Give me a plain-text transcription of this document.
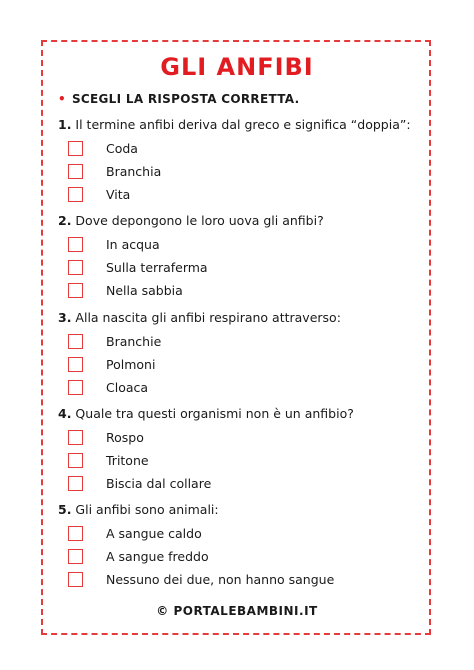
GLI ANFIBI

• SCEGLI LA RISPOSTA CORRETTA.

1. Il termine anfibi deriva dal greco e significa “doppia”:

Coda
Branchia
Vita

2. Dove depongono le loro uova gli anfibi?

In acqua
Sulla terraferma
Nella sabbia

3. Alla nascita gli anfibi respirano attraverso:

Branchie
Polmoni
Cloaca

4. Quale tra questi organismi non è un anfibio?

Rospo
Tritone
Biscia dal collare

5. Gli anfibi sono animali:

A sangue caldo
A sangue freddo
Nessuno dei due, non hanno sangue

© PORTALEBAMBINI.IT
